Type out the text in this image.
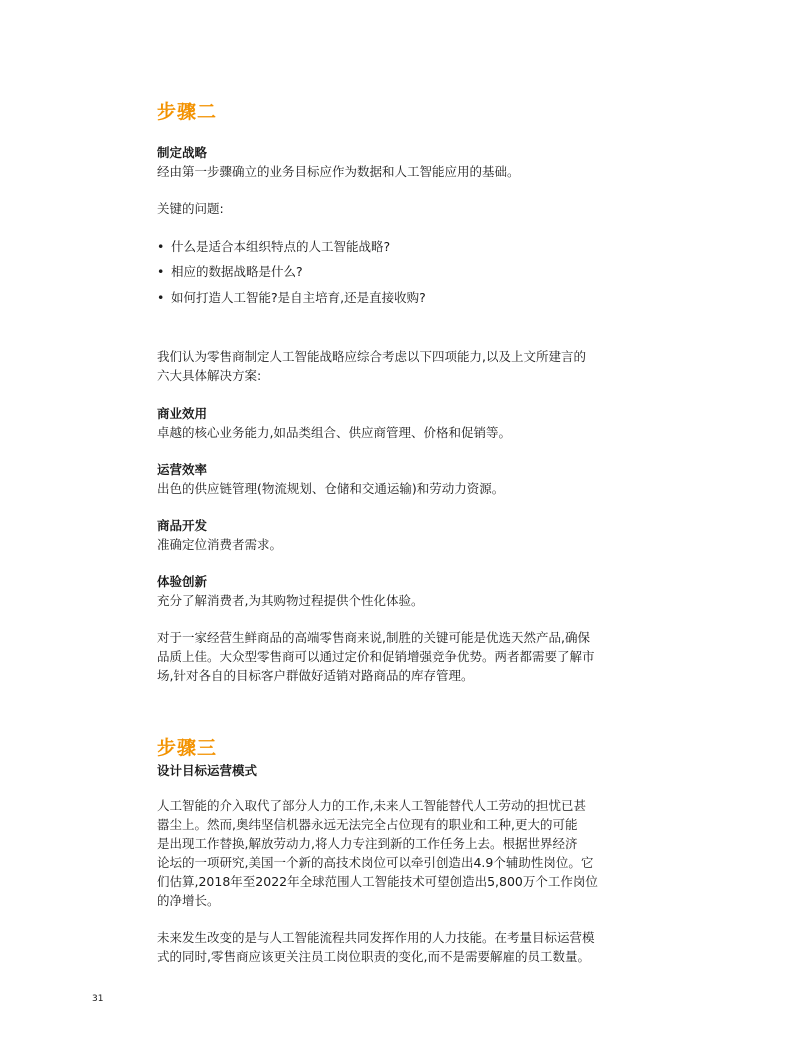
步骤二
制定战略
经由第一步骤确立的业务目标应作为数据和人工智能应用的基础。
关键的问题:
• 什么是适合本组织特点的人工智能战略?
• 相应的数据战略是什么?
• 如何打造人工智能?是自主培育,还是直接收购?
我们认为零售商制定人工智能战略应综合考虑以下四项能力,以及上文所建言的
六大具体解决方案:
商业效用
卓越的核心业务能力,如品类组合、供应商管理、价格和促销等。
运营效率
出色的供应链管理(物流规划、仓储和交通运输)和劳动力资源。
商品开发
准确定位消费者需求。
体验创新
充分了解消费者,为其购物过程提供个性化体验。
对于一家经营生鲜商品的高端零售商来说,制胜的关键可能是优选天然产品,确保
品质上佳。大众型零售商可以通过定价和促销增强竞争优势。两者都需要了解市
场,针对各自的目标客户群做好适销对路商品的库存管理。
步骤三
设计目标运营模式
人工智能的介入取代了部分人力的工作,未来人工智能替代人工劳动的担忧已甚
嚣尘上。然而,奥纬坚信机器永远无法完全占位现有的职业和工种,更大的可能
是出现工作替换,解放劳动力,将人力专注到新的工作任务上去。根据世界经济
论坛的一项研究,美国一个新的高技术岗位可以牵引创造出4.9个辅助性岗位。它
们估算,2018年至2022年全球范围人工智能技术可望创造出5,800万个工作岗位
的净增长。
未来发生改变的是与人工智能流程共同发挥作用的人力技能。在考量目标运营模
式的同时,零售商应该更关注员工岗位职责的变化,而不是需要解雇的员工数量。
31
